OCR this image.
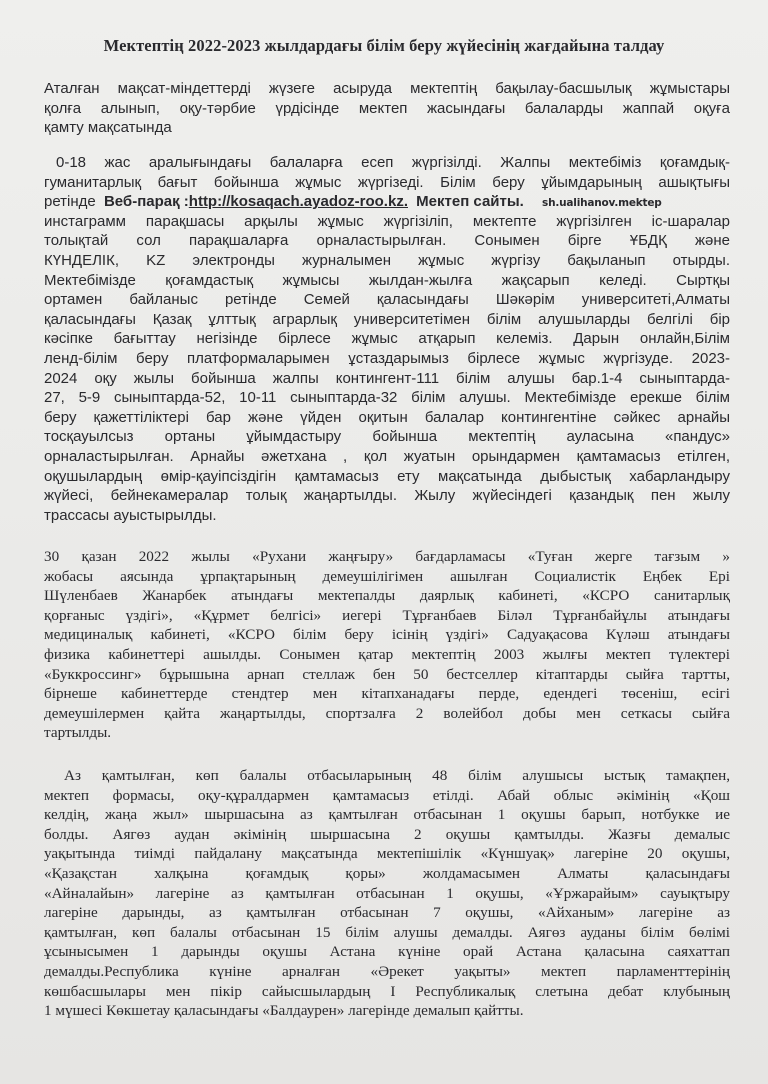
Мектептің 2022-2023 жылдардағы білім беру жүйесінің жағдайына талдау
Аталған мақсат-міндеттерді жүзеге асыруда мектептің бақылау-басшылық жұмыстары
қолға алынып, оқу-тәрбие үрдісінде мектеп жасындағы балаларды жаппай оқуға
қамту мақсатында
0-18 жас аралығындағы балаларға есеп жүргізілді. Жалпы мектебіміз қоғамдық-
гуманитарлық бағыт бойынша жұмыс жүргізеді. Білім беру ұйымдарының ашықтығы
ретінде Веб-парақ :http://kosaqach.ayadoz-roo.kz. Мектеп сайты. sh.ualihanov.mektep
инстаграмм парақшасы арқылы жұмыс жүргізіліп, мектепте жүргізілген іс-шаралар
толықтай сол парақшаларға орналастырылған. Сонымен бірге ҰБДҚ және
КҮНДЕЛІК, KZ электронды журналымен жұмыс жүргізу бақыланып отырды.
Мектебімізде қоғамдастық жұмысы жылдан-жылға жақсарып келеді. Сыртқы
ортамен байланыс ретінде Семей қаласындағы Шәкәрім университеті,Алматы
қаласындағы Қазақ ұлттық аграрлық университетімен білім алушыларды белгілі бір
кәсіпке бағыттау негізінде бірлесе жұмыс атқарып келеміз. Дарын онлайн,Білім
ленд-білім беру платформаларымен ұстаздарымыз бірлесе жұмыс жүргізуде. 2023-
2024 оқу жылы бойынша жалпы контингент-111 білім алушы бар.1-4 сыныптарда-
27, 5-9 сыныптарда-52, 10-11 сыныптарда-32 білім алушы. Мектебімізде ерекше білім
беру қажеттіліктері бар және үйден оқитын балалар контингентіне сәйкес арнайы
тосқауылсыз ортаны ұйымдастыру бойынша мектептің ауласына «пандус»
орналастырылған. Арнайы әжетхана , қол жуатын орындармен қамтамасыз етілген,
оқушылардың өмір-қауіпсіздігін қамтамасыз ету мақсатында дыбыстық хабарландыру
жүйесі, бейнекамералар толық жаңартылды. Жылу жүйесіндегі қазандық пен жылу
трассасы ауыстырылды.
30 қазан 2022 жылы «Рухани жаңғыру» бағдарламасы «Туған жерге тағзым »
жобасы аясында ұрпақтарының демеушілігімен ашылған Социалистік Еңбек Ері
Шүленбаев Жанарбек атындағы мектепалды даярлық кабинеті, «КСРО санитарлық
қорғаныс үздігі», «Құрмет белгісі» иегері Тұрғанбаев Біләл Тұрғанбайұлы атындағы
медициналық кабинеті, «КСРО білім беру ісінің үздігі» Садуақасова Күләш атындағы
физика кабинеттері ашылды. Сонымен қатар мектептің 2003 жылғы мектеп түлектері
«Буккроссинг» бұрышына арнап стеллаж бен 50 бестселлер кітаптарды сыйға тартты,
бірнеше кабинеттерде стендтер мен кітапханадағы перде, едендегі төсеніш, есігі
демеушілермен қайта жаңартылды, спортзалға 2 волейбол добы мен сеткасы сыйға
тартылды.
Аз қамтылған, көп балалы отбасыларының 48 білім алушысы ыстық тамақпен,
мектеп формасы, оқу-құралдармен қамтамасыз етілді. Абай облыс әкімінің «Қош
келдің, жаңа жыл» шыршасына аз қамтылған отбасынан 1 оқушы барып, нотбукке ие
болды. Аягөз аудан әкімінің шыршасына 2 оқушы қамтылды. Жазғы демалыс
уақытында тиімді пайдалану мақсатында мектепішілік «Күншуақ» лагеріне 20 оқушы,
«Қазақстан халқына қоғамдық қоры» жолдамасымен Алматы қаласындағы
«Айналайын» лагеріне аз қамтылған отбасынан 1 оқушы, «Ұржарайым» сауықтыру
лагеріне дарынды, аз қамтылған отбасынан 7 оқушы, «Айханым» лагеріне аз
қамтылған, көп балалы отбасынан 15 білім алушы демалды. Аягөз ауданы білім бөлімі
ұсынысымен 1 дарынды оқушы Астана күніне орай Астана қаласына саяхаттап
демалды.Республика күніне арналған «Әрекет уақыты» мектеп парламенттерінің
көшбасшылары мен пікір сайысшылардың I Республикалық слетына дебат клубының
1 мүшесі Көкшетау қаласындағы «Балдаурен» лагерінде демалып қайтты.
